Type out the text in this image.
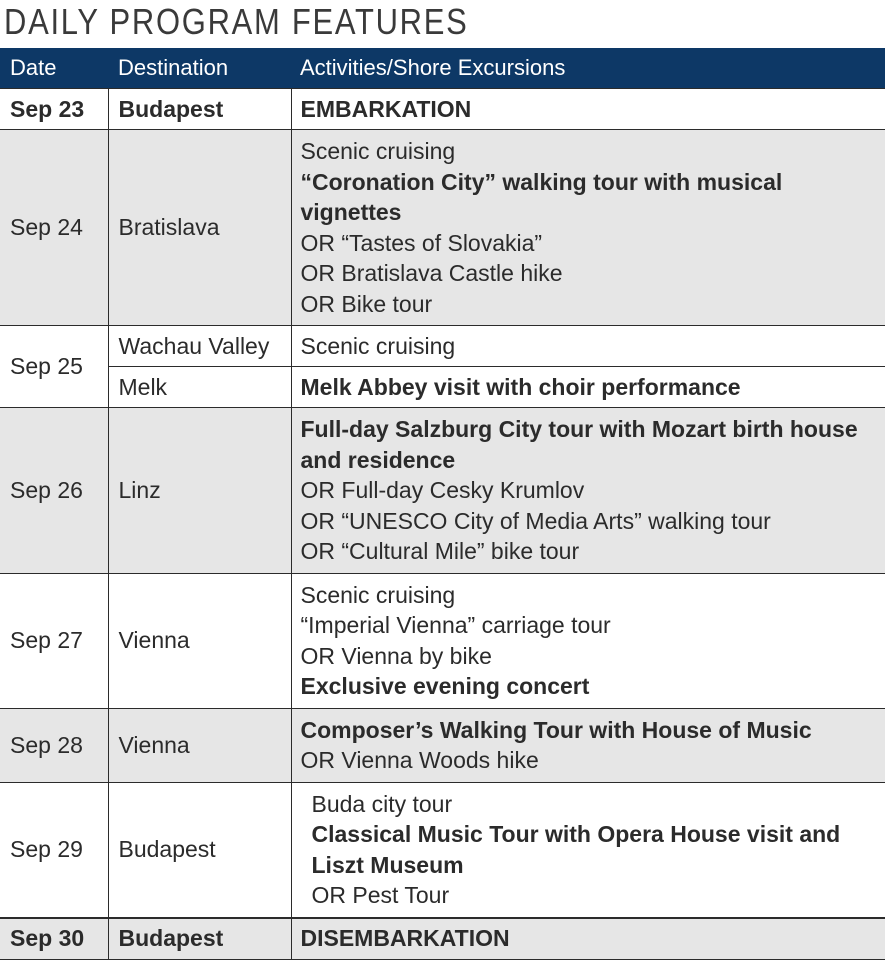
DAILY PROGRAM FEATURES
Date	Destination	Activities/Shore Excursions
Sep 23	Budapest	EMBARKATION
Sep 24	Bratislava	Scenic cruising
“Coronation City” walking tour with musical vignettes
OR “Tastes of Slovakia”
OR Bratislava Castle hike
OR Bike tour

Sep 25	Wachau Valley	Scenic cruising
	Melk	Melk Abbey visit with choir performance
Sep 26	Linz	Full-day Salzburg City tour with Mozart birth house and residence
OR Full-day Cesky Krumlov
OR “UNESCO City of Media Arts” walking tour
OR “Cultural Mile” bike tour

Sep 27	Vienna	Scenic cruising
“Imperial Vienna” carriage tour
OR Vienna by bike
Exclusive evening concert

Sep 28	Vienna	Composer’s Walking Tour with House of Music
OR Vienna Woods hike

Sep 29	Budapest	Buda city tour
Classical Music Tour with Opera House visit and Liszt Museum
OR Pest Tour

Sep 30	Budapest	DISEMBARKATION
